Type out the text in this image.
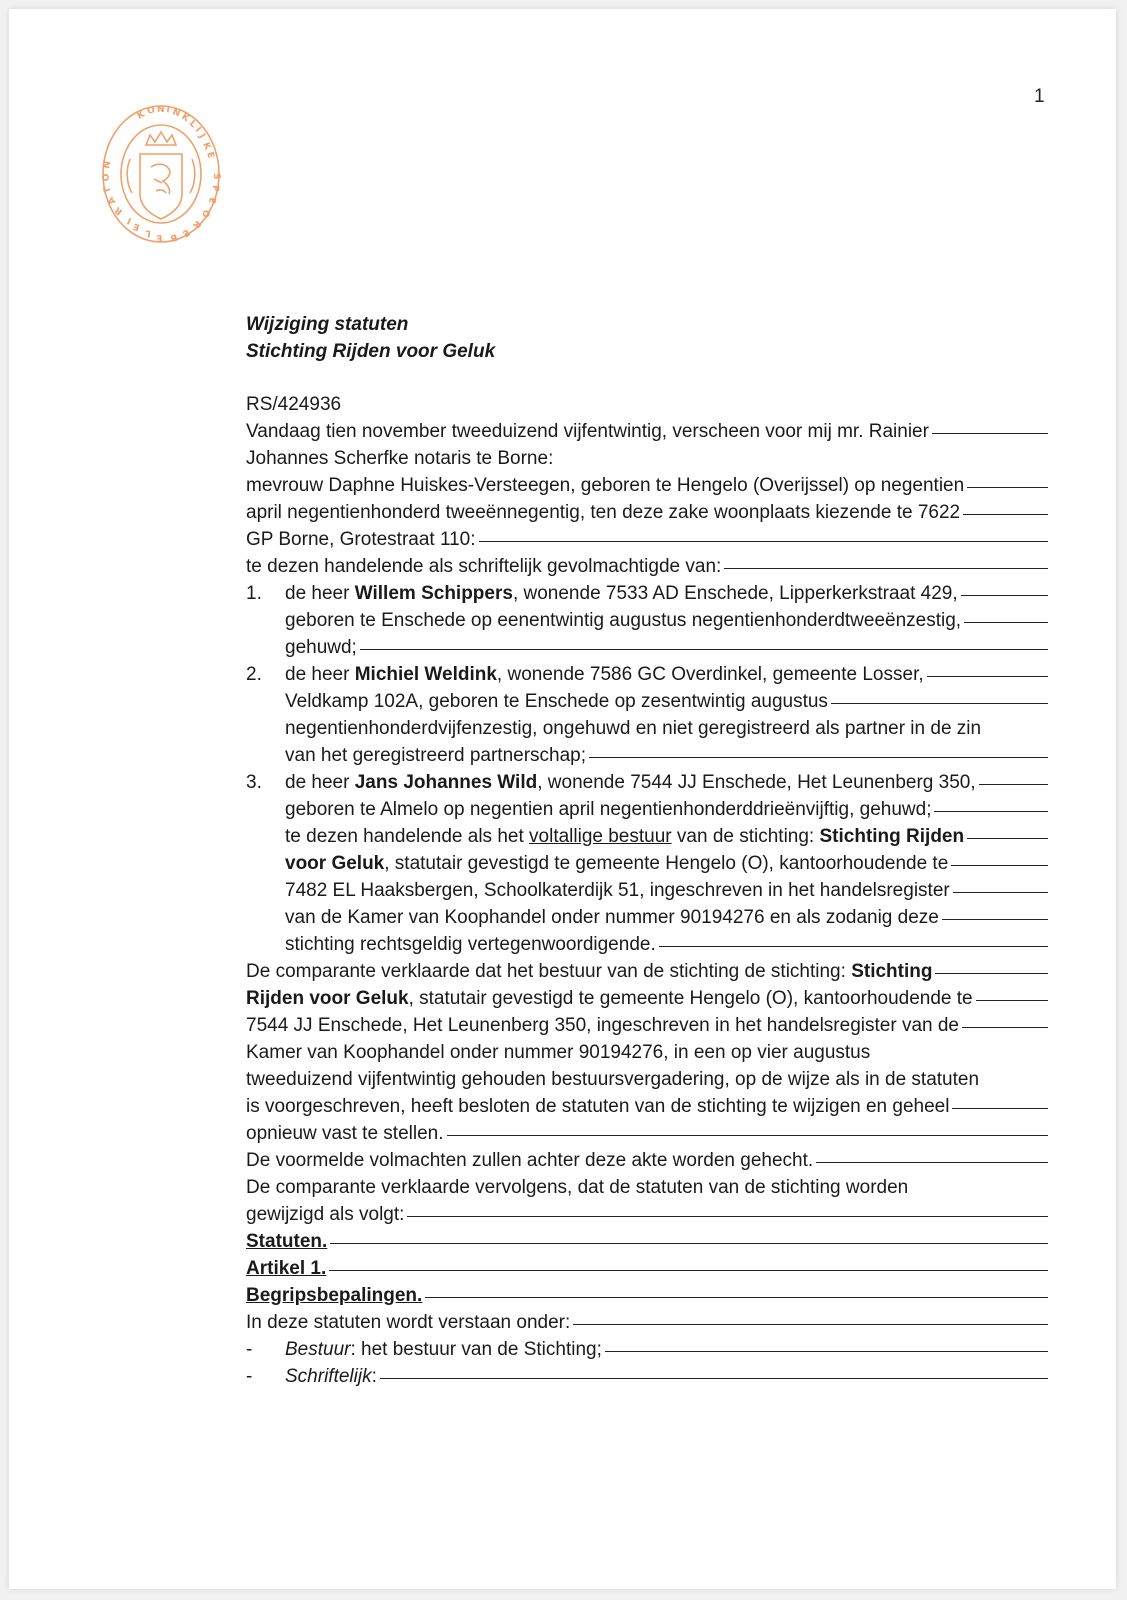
1
K O N I N
K
L
I
J
K
E
N
O
T
A
R
I
E
L E B E
R
O
E
P
S
Wijziging statuten
Stichting Rijden voor Geluk
RS/424936
Vandaag tien november tweeduizend vijfentwintig, verscheen voor mij mr. Rainier
Johannes Scherfke notaris te Borne:
mevrouw Daphne Huiskes-Versteegen, geboren te Hengelo (Overijssel) op negentien
april negentienhonderd tweeënnegentig, ten deze zake woonplaats kiezende te 7622
GP Borne, Grotestraat 110:
te dezen handelende als schriftelijk gevolmachtigde van:
1.	de heer Willem Schippers , wonende 7533 AD Enschede, Lipperkerkstraat 429,
geboren te Enschede op eenentwintig augustus negentienhonderdtweeënzestig,
gehuwd;
2.	de heer Michiel Weldink , wonende 7586 GC Overdinkel, gemeente Losser,
Veldkamp 102A, geboren te Enschede op zesentwintig augustus
negentienhonderdvijfenzestig, ongehuwd en niet geregistreerd als partner in de zin
van het geregistreerd partnerschap;
3.	de heer Jans Johannes Wild , wonende 7544 JJ Enschede, Het Leunenberg 350,
geboren te Almelo op negentien april negentienhonderddrieënvijftig, gehuwd;
te dezen handelende als het voltallige bestuur van de stichting: Stichting Rijden
voor Geluk , statutair gevestigd te gemeente Hengelo (O), kantoorhoudende te
7482 EL Haaksbergen, Schoolkaterdijk 51, ingeschreven in het handelsregister
van de Kamer van Koophandel onder nummer 90194276 en als zodanig deze
stichting rechtsgeldig vertegenwoordigende.
De comparante verklaarde dat het bestuur van de stichting de stichting: Stichting
Rijden voor Geluk , statutair gevestigd te gemeente Hengelo (O), kantoorhoudende te
7544 JJ Enschede, Het Leunenberg 350, ingeschreven in het handelsregister van de
Kamer van Koophandel onder nummer 90194276, in een op vier augustus
tweeduizend vijfentwintig gehouden bestuursvergadering, op de wijze als in de statuten
is voorgeschreven, heeft besloten de statuten van de stichting te wijzigen en geheel
opnieuw vast te stellen.
De voormelde volmachten zullen achter deze akte worden gehecht.
De comparante verklaarde vervolgens, dat de statuten van de stichting worden
gewijzigd als volgt:
Statuten.
Artikel 1.
Begripsbepalingen.
In deze statuten wordt verstaan onder:
-	Bestuur : het bestuur van de Stichting;
-	Schriftelijk :
